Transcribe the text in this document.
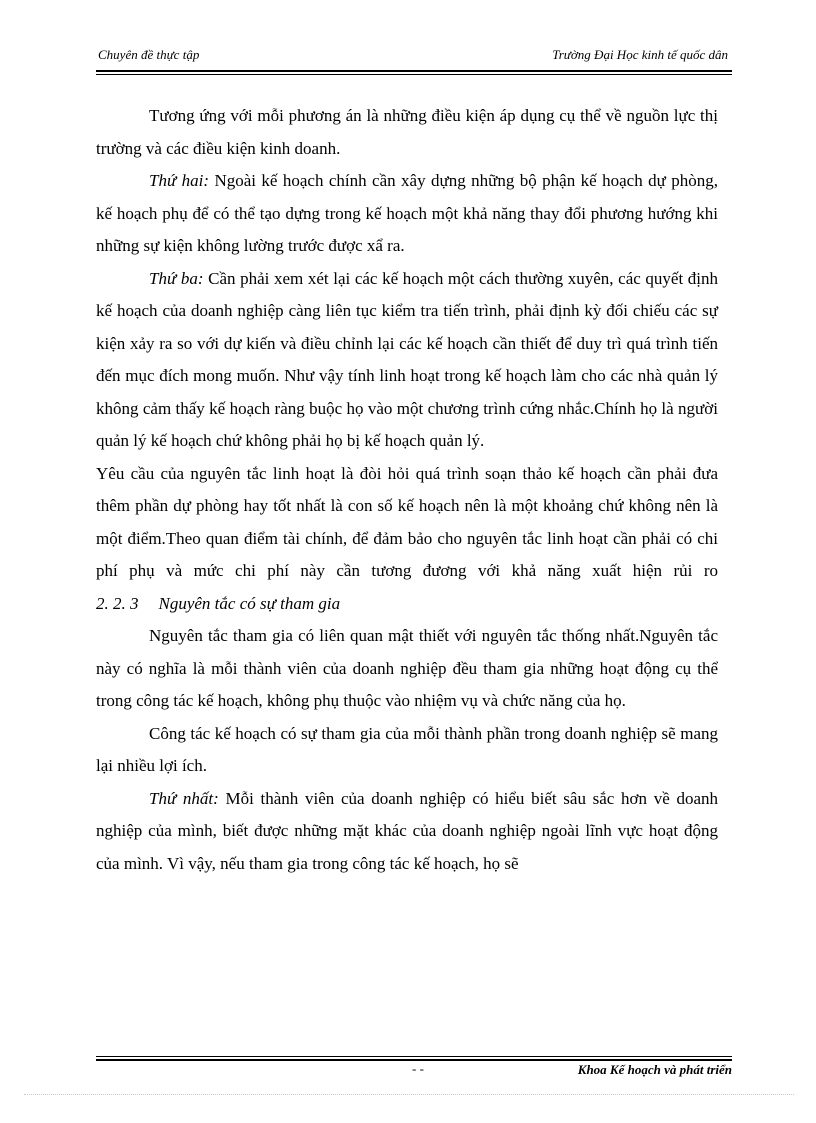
Chuyên đề thực tập	Trường Đại Học kinh tế quốc dân

Tương ứng với mỗi phương án là những điều kiện áp dụng cụ thể về nguồn lực thị trường và các điều kiện kinh doanh.

Thứ hai: Ngoài kế hoạch chính cần xây dựng những bộ phận kế hoạch dự phòng, kế hoạch phụ để có thể tạo dựng trong kế hoạch một khả năng thay đổi phương hướng khi những sự kiện không lường trước được xẩ ra.

Thứ ba: Cần phải xem xét lại các kế hoạch một cách thường xuyên, các quyết định kế hoạch của doanh nghiệp càng liên tục kiểm tra tiến trình, phải định kỳ đối chiếu các sự kiện xảy ra so với dự kiến và điều chỉnh lại các kế hoạch cần thiết để duy trì quá trình tiến đến mục đích mong muốn. Như vậy tính linh hoạt trong kế hoạch làm cho các nhà quản lý không cảm thấy kế hoạch ràng buộc họ vào một chương trình cứng nhắc.Chính họ là người quản lý kế hoạch chứ không phải họ bị kế hoạch quản lý.

Yêu cầu của nguyên tắc linh hoạt là đòi hỏi quá trình soạn thảo kế hoạch cần phải đưa thêm phần dự phòng hay tốt nhất là con số kế hoạch nên là một khoảng chứ không nên là một điểm.Theo quan điểm tài chính, để đảm bảo cho nguyên tắc linh hoạt cần phải có chi phí phụ và mức chi phí này cần tương đương với khả năng xuất hiện rủi ro

2. 2. 3 Nguyên tắc có sự tham gia

Nguyên tắc tham gia có liên quan mật thiết với nguyên tắc thống nhất.Nguyên tắc này có nghĩa là mỗi thành viên của doanh nghiệp đều tham gia những hoạt động cụ thể trong công tác kế hoạch, không phụ thuộc vào nhiệm vụ và chức năng của họ.

Công tác kế hoạch có sự tham gia của mỗi thành phần trong doanh nghiệp sẽ mang lại nhiều lợi ích.

Thứ nhất: Mỗi thành viên của doanh nghiệp có hiểu biết sâu sắc hơn về doanh nghiệp của mình, biết được những mặt khác của doanh nghiệp ngoài lĩnh vực hoạt động của mình. Vì vậy, nếu tham gia trong công tác kế hoạch, họ sẽ

- -	Khoa Kế hoạch và phát triển
